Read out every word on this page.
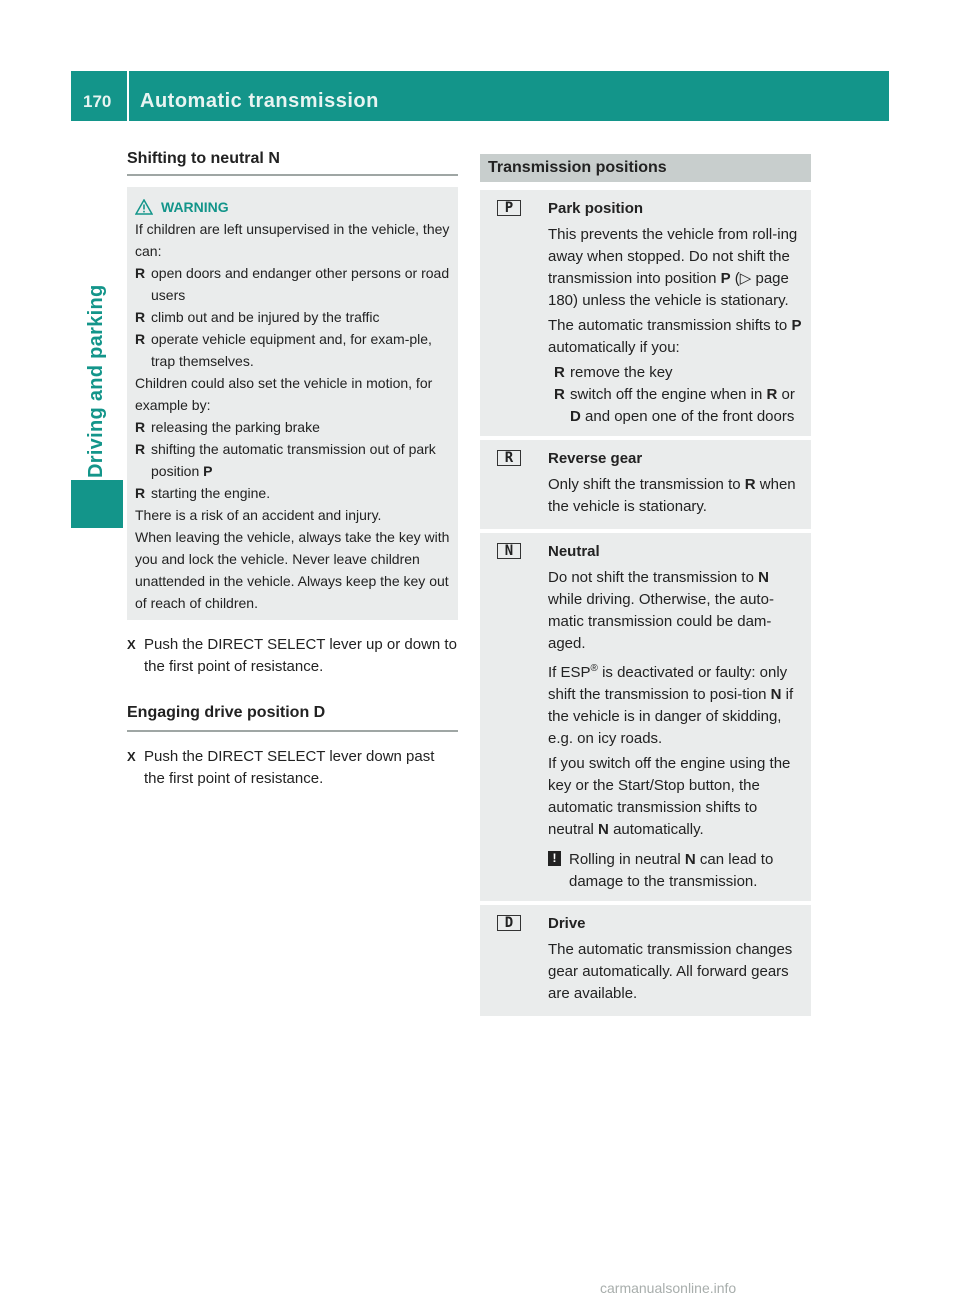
170 Automatic transmission
Driving and parking
Shifting to neutral N
WARNING
If children are left unsupervised in the vehicle, they can:
R open doors and endanger other persons or road users
R climb out and be injured by the traffic
R operate vehicle equipment and, for exam-ple, trap themselves.
Children could also set the vehicle in motion, for example by:
R releasing the parking brake
R shifting the automatic transmission out of park position P
R starting the engine.
There is a risk of an accident and injury.
When leaving the vehicle, always take the key with you and lock the vehicle. Never leave children unattended in the vehicle. Always keep the key out of reach of children.
X Push the DIRECT SELECT lever up or down to the first point of resistance.
Engaging drive position D
X Push the DIRECT SELECT lever down past the first point of resistance.
Transmission positions
P	Park position
This prevents the vehicle from roll-ing away when stopped. Do not shift the transmission into position P (▷ page 180) unless the vehicle is stationary.
The automatic transmission shifts to P automatically if you:
R remove the key
R switch off the engine when in R or D and open one of the front doors
R	Reverse gear
Only shift the transmission to R when the vehicle is stationary.
N	Neutral
Do not shift the transmission to N while driving. Otherwise, the auto-matic transmission could be dam-aged.
If ESP® is deactivated or faulty: only shift the transmission to posi-tion N if the vehicle is in danger of skidding, e.g. on icy roads.
If you switch off the engine using the key or the Start/Stop button, the automatic transmission shifts to neutral N automatically.
! Rolling in neutral N can lead to damage to the transmission.
D	Drive
The automatic transmission changes gear automatically. All forward gears are available.
carmanualsonline.info
